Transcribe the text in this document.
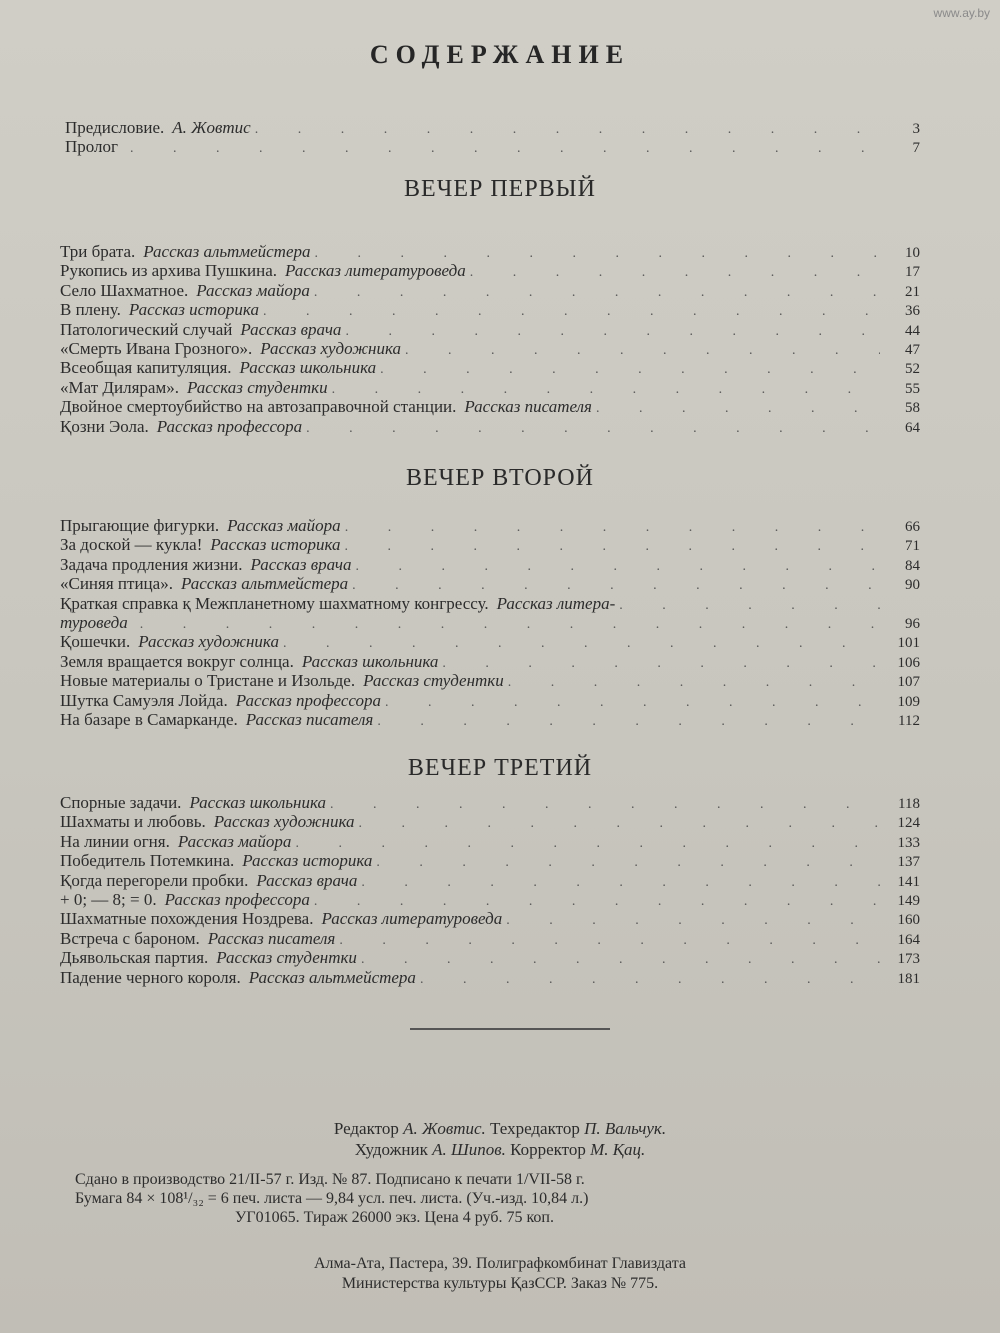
www.ay.by
СОДЕРЖАНИЕ
Предисловие. А. Жовтис . . .	3
Пролог . . .	7
ВЕЧЕР ПЕРВЫЙ
Три брата. Рассказ альтмейстера . . .	10
Рукопись из архива Пушкина. Рассказ литературоведа . . .	17
Село Шахматное. Рассказ майора . . .	21
В плену. Рассказ историка . . .	36
Патологический случай Рассказ врача . . .	44
«Смерть Ивана Грозного». Рассказ художника . . .	47
Всеобщая капитуляция. Рассказ школьника . . .	52
«Мат Дилярам». Рассказ студентки . . .	55
Двойное смертоубийство на автозаправочной станции. Рассказ писателя . . .	58
Қозни Эола. Рассказ профессора . . .	64
ВЕЧЕР ВТОРОЙ
Прыгающие фигурки. Рассказ майора . . .	66
За доской — кукла! Рассказ историка . . .	71
Задача продления жизни. Рассказ врача . . .	84
«Синяя птица». Рассказ альтмейстера . . .	90
Қраткая справка қ Межпланетному шахматному конгрессу. Рассказ литера-
. . .
туроведа . . .	96
Қошечки. Рассказ художника . . .	101
Земля вращается вокруг солнца. Рассказ школьника . . .	106
Новые материалы о Тристане и Изольде. Рассказ студентки . . .	107
Шутка Самуэля Лойда. Рассказ профессора . . .	109
На базаре в Самарканде. Рассказ писателя . . .	112
ВЕЧЕР ТРЕТИЙ
Спорные задачи. Рассказ школьника . . .	118
Шахматы и любовь. Рассказ художника . . .	124
На линии огня. Рассказ майора . . .	133
Победитель Потемкина. Рассказ историка . . .	137
Қогда перегорели пробки. Рассказ врача . . .	141
+ 0; — 8; = 0. Рассказ профессора . . .	149
Шахматные похождения Ноздрева. Рассказ литературоведа . . .	160
Встреча с бароном. Рассказ писателя . . .	164
Дьявольская партия. Рассказ студентки . . .	173
Падение черного короля. Рассказ альтмейстера . . .	181
Редактор А. Жовтис. Техредактор П. Вальчук.
Художник А. Шипов. Корректор М. Қац.
Сдано в производство 21/II-57 г. Изд. № 87. Подписано к печати 1/VII-58 г.
Бумага 84 × 108¹/₃₂ = 6 печ. листа — 9,84 усл. печ. листа. (Уч.-изд. 10,84 л.)
УГ01065. Тираж 26000 экз. Цена 4 руб. 75 коп.
Алма-Ата, Пастера, 39. Полиграфкомбинат Главиздата
Министерства культуры ҚазССР. Заказ № 775.
